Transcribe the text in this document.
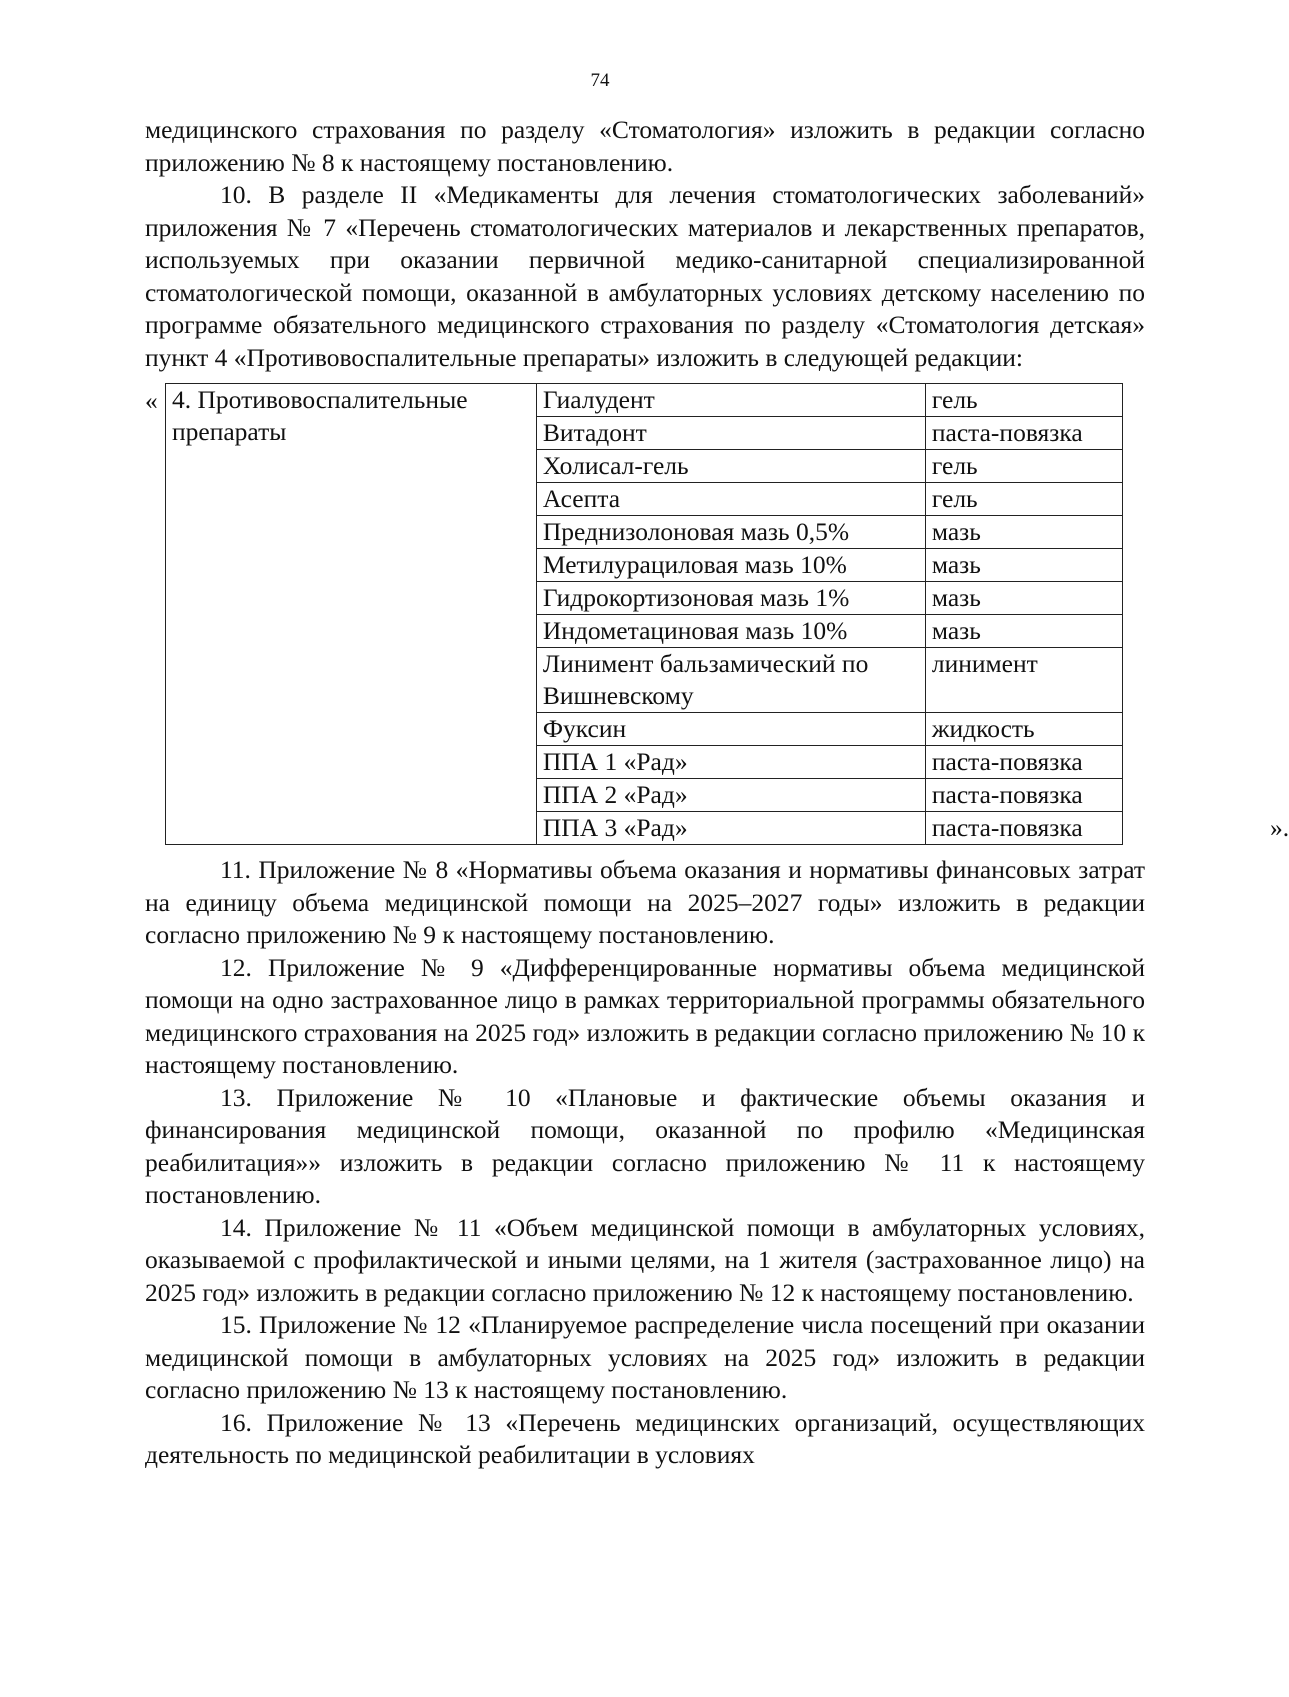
74

медицинского страхования по разделу «Стоматология» изложить в редакции согласно приложению № 8 к настоящему постановлению.

10. В разделе II «Медикаменты для лечения стоматологических заболеваний» приложения № 7 «Перечень стоматологических материалов и лекарственных препаратов, используемых при оказании первичной медико-санитарной специализированной стоматологической помощи, оказанной в амбулаторных условиях детскому населению по программе обязательного медицинского страхования по разделу «Стоматология детская» пункт 4 «Противовоспалительные препараты» изложить в следующей редакции:

« 4. Противовоспалительные препараты	Гиалудент	гель
	Витадонт	паста-повязка
	Холисал-гель	гель
	Асепта	гель
	Преднизолоновая мазь 0,5%	мазь
	Метилурациловая мазь 10%	мазь
	Гидрокортизоновая мазь 1%	мазь
	Индометациновая мазь 10%	мазь
	Линимент бальзамический по Вишневскому	линимент
	Фуксин	жидкость
	ППА 1 «Рад»	паста-повязка
	ППА 2 «Рад»	паста-повязка
	ППА 3 «Рад»	паста-повязка	».

11. Приложение № 8 «Нормативы объема оказания и нормативы финансовых затрат на единицу объема медицинской помощи на 2025–2027 годы» изложить в редакции согласно приложению № 9 к настоящему постановлению.

12. Приложение № 9 «Дифференцированные нормативы объема медицинской помощи на одно застрахованное лицо в рамках территориальной программы обязательного медицинского страхования на 2025 год» изложить в редакции согласно приложению № 10 к настоящему постановлению.

13. Приложение № 10 «Плановые и фактические объемы оказания и финансирования медицинской помощи, оказанной по профилю «Медицинская реабилитация»» изложить в редакции согласно приложению № 11 к настоящему постановлению.

14. Приложение № 11 «Объем медицинской помощи в амбулаторных условиях, оказываемой с профилактической и иными целями, на 1 жителя (застрахованное лицо) на 2025 год» изложить в редакции согласно приложению № 12 к настоящему постановлению.

15. Приложение № 12 «Планируемое распределение числа посещений при оказании медицинской помощи в амбулаторных условиях на 2025 год» изложить в редакции согласно приложению № 13 к настоящему постановлению.

16. Приложение № 13 «Перечень медицинских организаций, осуществляющих деятельность по медицинской реабилитации в условиях
